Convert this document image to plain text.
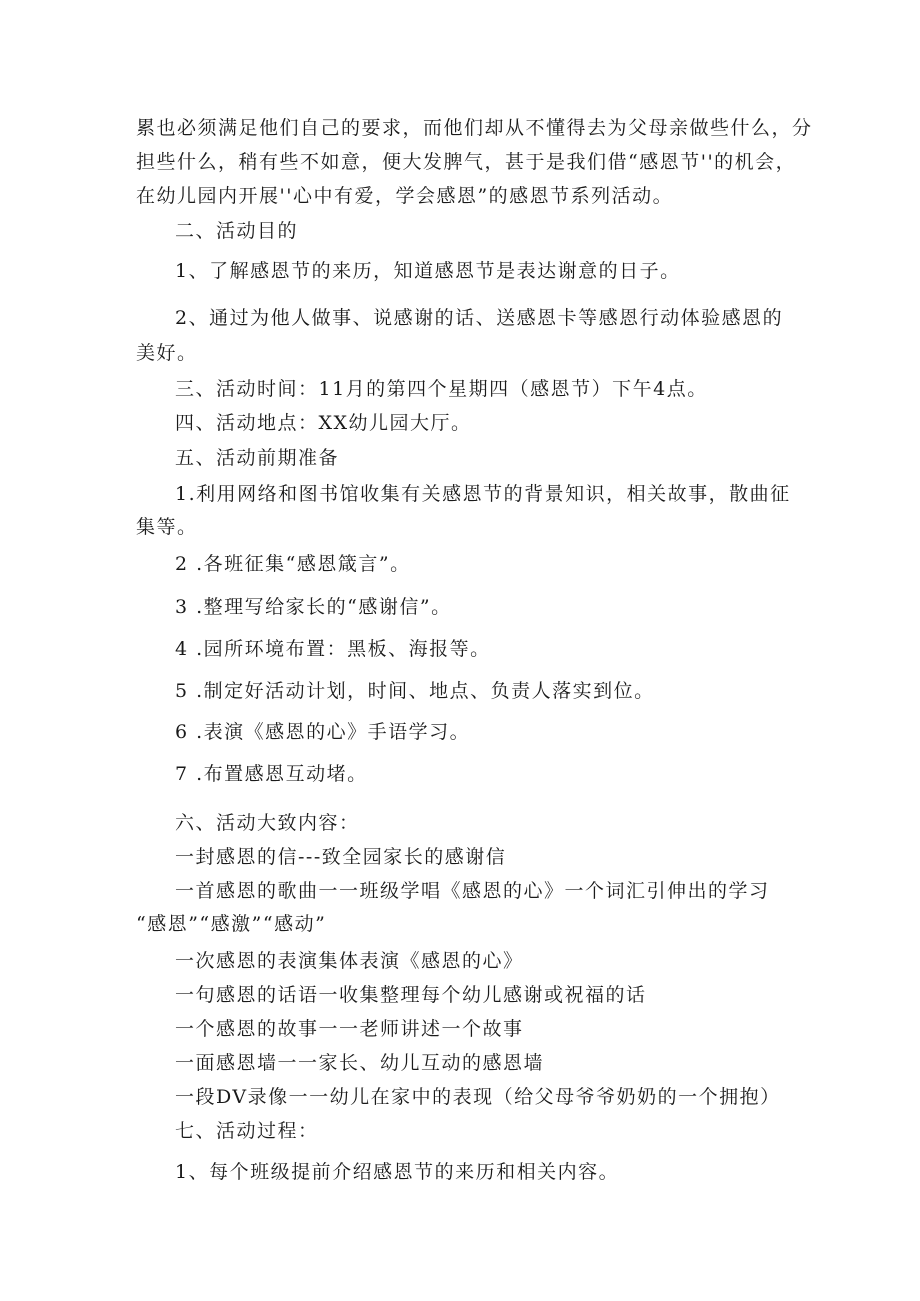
累也必须满足他们自己的要求，而他们却从不懂得去为父母亲做些什么，分
担些什么，稍有些不如意，便大发脾气，甚于是我们借“感恩节''的机会，
在幼儿园内开展''心中有爱，学会感恩”的感恩节系列活动。
二、活动目的
1、了解感恩节的来历，知道感恩节是表达谢意的日子。
2、通过为他人做事、说感谢的话、送感恩卡等感恩行动体验感恩的
美好。
三、活动时间：11月的第四个星期四（感恩节）下午4点。
四、活动地点：XX幼儿园大厅。
五、活动前期准备
1.利用网络和图书馆收集有关感恩节的背景知识，相关故事，散曲征
集等。
2 .各班征集“感恩箴言”。
3 .整理写给家长的“感谢信”。
4 .园所环境布置：黑板、海报等。
5 .制定好活动计划，时间、地点、负责人落实到位。
6 .表演《感恩的心》手语学习。
7 .布置感恩互动堵。
六、活动大致内容：
一封感恩的信---致全园家长的感谢信
一首感恩的歌曲一一班级学唱《感恩的心》一个词汇引伸出的学习
“感恩”“感激”“感动”
一次感恩的表演集体表演《感恩的心》
一句感恩的话语一收集整理每个幼儿感谢或祝福的话
一个感恩的故事一一老师讲述一个故事
一面感恩墙一一家长、幼儿互动的感恩墙
一段DV录像一一幼儿在家中的表现（给父母爷爷奶奶的一个拥抱）
七、活动过程：
1、每个班级提前介绍感恩节的来历和相关内容。
